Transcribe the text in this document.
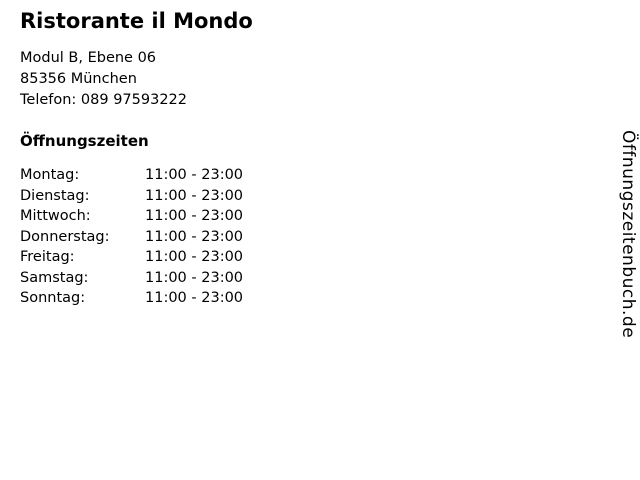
Ristorante il Mondo

Modul B, Ebene 06

85356 München

Telefon: 089 97593222

Öffnungszeiten
Montag:	11:00 - 23:00
Dienstag:	11:00 - 23:00
Mittwoch:	11:00 - 23:00
Donnerstag:	11:00 - 23:00
Freitag:	11:00 - 23:00
Samstag:	11:00 - 23:00
Sonntag:	11:00 - 23:00	Öffnungszeitenbuch.de
